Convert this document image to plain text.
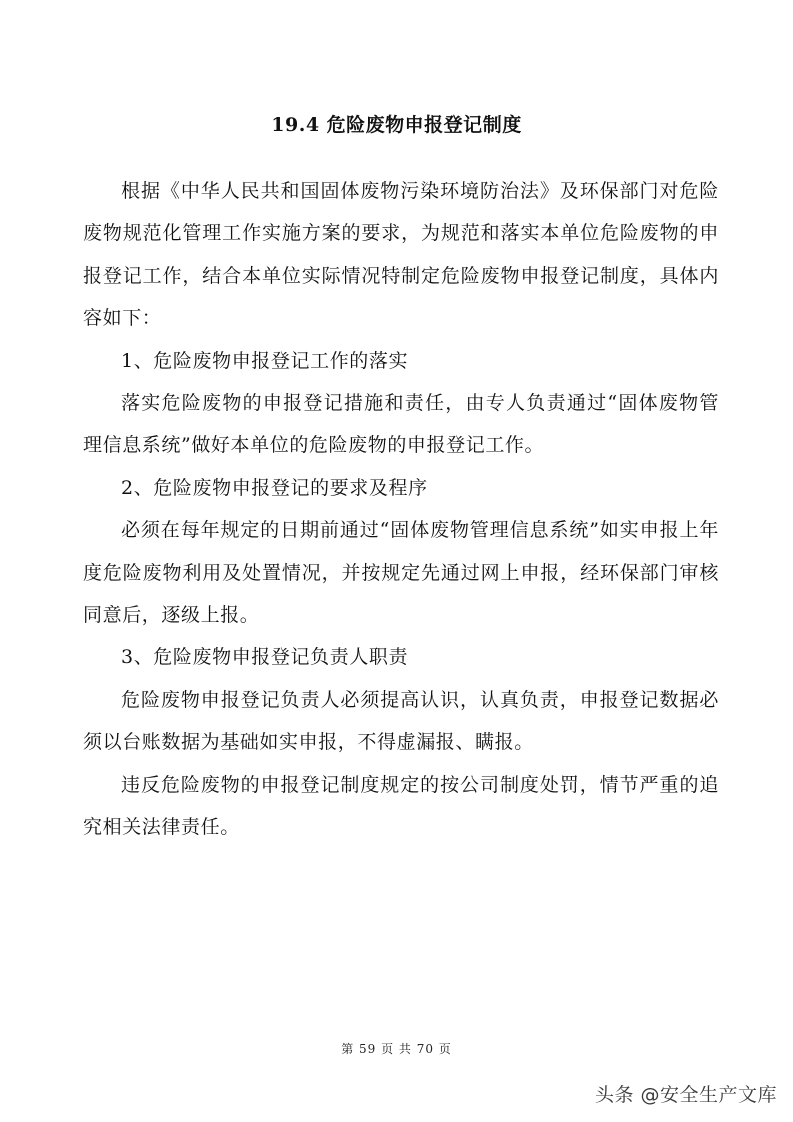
19.4 危险废物申报登记制度

根据《中华人民共和国固体废物污染环境防治法》及环保部门对危险废物规范化管理工作实施方案的要求，为规范和落实本单位危险废物的申报登记工作，结合本单位实际情况特制定危险废物申报登记制度，具体内容如下：

1、危险废物申报登记工作的落实

落实危险废物的申报登记措施和责任，由专人负责通过“固体废物管理信息系统”做好本单位的危险废物的申报登记工作。

2、危险废物申报登记的要求及程序

必须在每年规定的日期前通过“固体废物管理信息系统”如实申报上年度危险废物利用及处置情况，并按规定先通过网上申报，经环保部门审核同意后，逐级上报。

3、危险废物申报登记负责人职责

危险废物申报登记负责人必须提高认识，认真负责，申报登记数据必须以台账数据为基础如实申报，不得虚漏报、瞒报。

违反危险废物的申报登记制度规定的按公司制度处罚，情节严重的追究相关法律责任。

第 59 页 共 70 页
头条 @安全生产文库
